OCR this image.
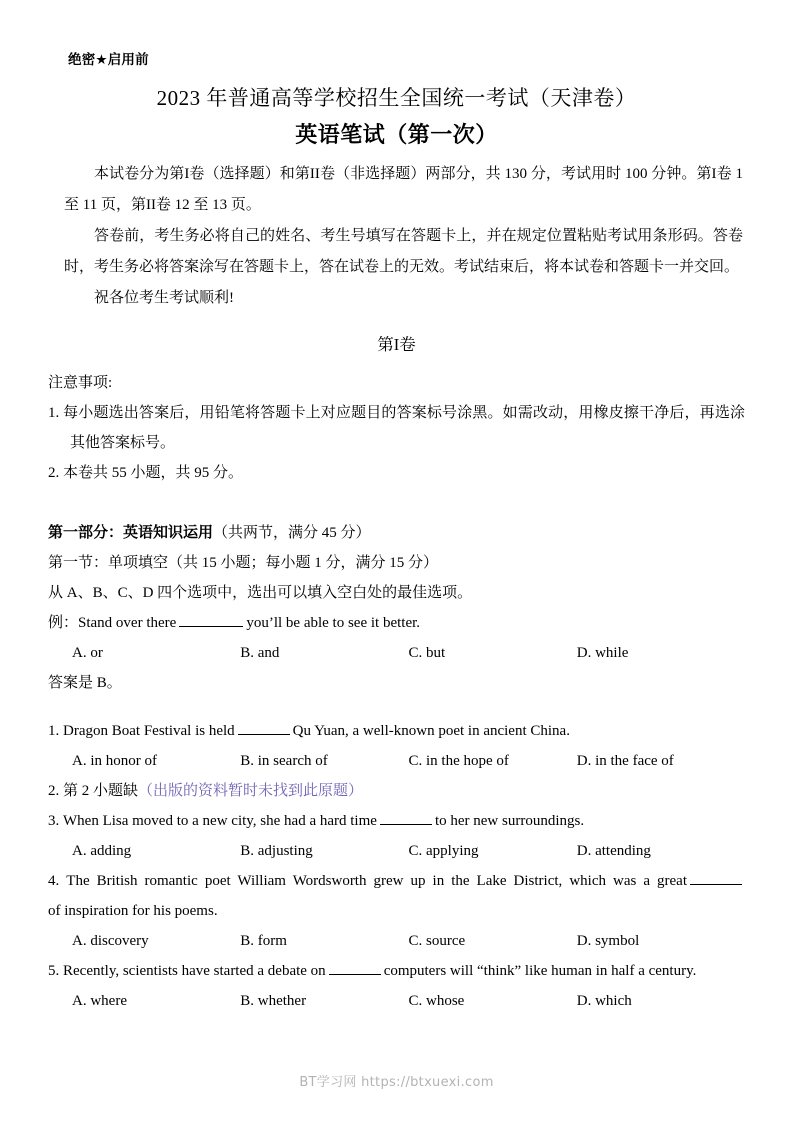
绝密★启用前
2023 年普通高等学校招生全国统一考试（天津卷）
英语笔试（第一次）

本试卷分为第I卷（选择题）和第II卷（非选择题）两部分，共 130 分，考试用时 100 分钟。第I卷 1 至 11 页，第II卷 12 至 13 页。

答卷前，考生务必将自己的姓名、考生号填写在答题卡上，并在规定位置粘贴考试用条形码。答卷时，考生务必将答案涂写在答题卡上，答在试卷上的无效。考试结束后，将本试卷和答题卡一并交回。

祝各位考生考试顺利!

第I卷

注意事项:

1. 每小题选出答案后，用铅笔将答题卡上对应题目的答案标号涂黑。如需改动，用橡皮擦干净后，再选涂其他答案标号。

2. 本卷共 55 小题，共 95 分。

第一部分：英语知识运用（共两节，满分 45 分）

第一节：单项填空（共 15 小题；每小题 1 分，满分 15 分）

从 A、B、C、D 四个选项中，选出可以填入空白处的最佳选项。

例：Stand over there	you’ll be able to see it better.

A. or	B. and	C. but	D. while

答案是 B。

1. Dragon Boat Festival is held	Qu Yuan, a well-known poet in ancient China.

A. in honor of	B. in search of	C. in the hope of	D. in the face of

2. 第 2 小题缺（出版的资料暂时未找到此原题）

3. When Lisa moved to a new city, she had a hard time	to her new surroundings.

A. adding	B. adjusting	C. applying	D. attending

4. The British romantic poet William Wordsworth grew up in the Lake District, which was a great

of inspiration for his poems.

A. discovery	B. form	C. source	D. symbol

5. Recently, scientists have started a debate on	computers will “think” like human in half a century.

A. where	B. whether	C. whose	D. which
BT学习网 https://btxuexi.com
